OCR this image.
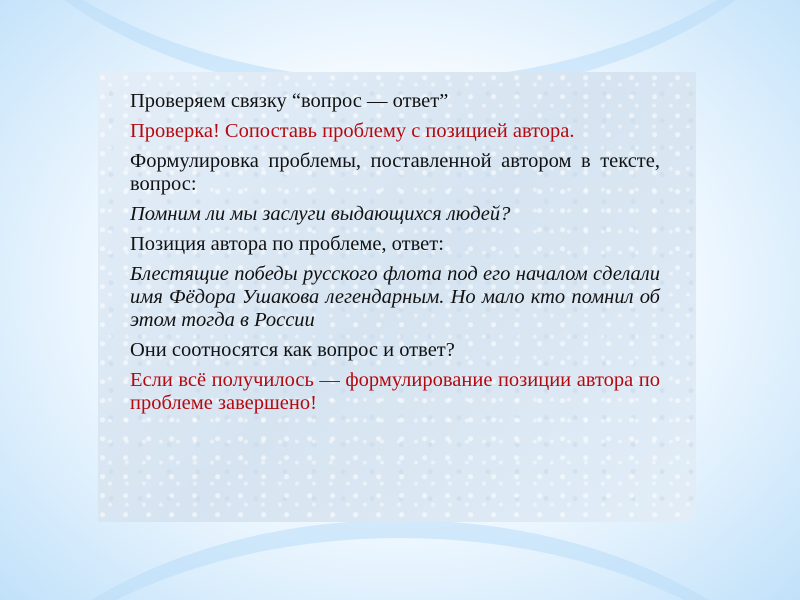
Проверяем связку “вопрос — ответ”

Проверка! Сопоставь проблему с позицией автора.

Формулировка проблемы, поставленной автором в тексте, вопрос:

Помним ли мы заслуги выдающихся людей?

Позиция автора по проблеме, ответ:

Блестящие победы русского флота под его началом сделали имя Фёдора Ушакова легендарным. Но мало кто помнил об этом тогда в России

Они соотносятся как вопрос и ответ?

Если всё получилось — формулирование позиции автора по проблеме завершено!
